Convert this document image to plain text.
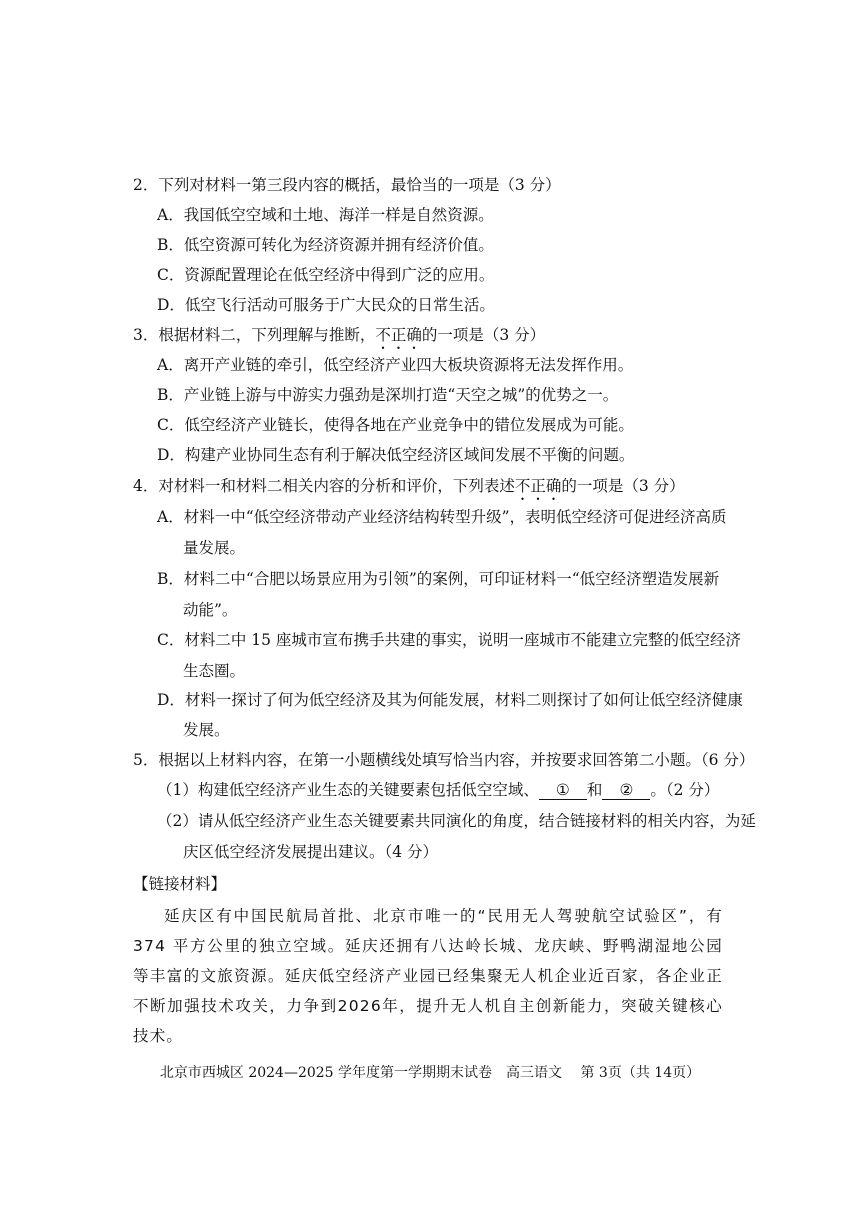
2．下列对材料一第三段内容的概括，最恰当的一项是（3 分）
A．我国低空空域和土地、海洋一样是自然资源。
B．低空资源可转化为经济资源并拥有经济价值。
C．资源配置理论在低空经济中得到广泛的应用。
D．低空飞行活动可服务于广大民众的日常生活。
3．根据材料二，下列理解与推断，不正确的一项是（3 分）
A．离开产业链的牵引，低空经济产业四大板块资源将无法发挥作用。
B．产业链上游与中游实力强劲是深圳打造“天空之城”的优势之一。
C．低空经济产业链长，使得各地在产业竞争中的错位发展成为可能。
D．构建产业协同生态有利于解决低空经济区域间发展不平衡的问题。
4．对材料一和材料二相关内容的分析和评价，下列表述不正确的一项是（3 分）
A．材料一中“低空经济带动产业经济结构转型升级”，表明低空经济可促进经济高质
量发展。
B．材料二中“合肥以场景应用为引领”的案例，可印证材料一“低空经济塑造发展新
动能”。
C．材料二中 15 座城市宣布携手共建的事实，说明一座城市不能建立完整的低空经济
生态圈。
D．材料一探讨了何为低空经济及其为何能发展，材料二则探讨了如何让低空经济健康
发展。
5．根据以上材料内容，在第一小题横线处填写恰当内容，并按要求回答第二小题。（6 分）
（1）构建低空经济产业生态的关键要素包括低空空域、 ① 和 ② 。（2 分）
（2）请从低空经济产业生态关键要素共同演化的角度，结合链接材料的相关内容，为延
庆区低空经济发展提出建议。（4 分）
【链接材料】
延庆区有中国民航局首批、北京市唯一的“民用无人驾驶航空试验区”，有 374 平方公里的独立空域。延庆还拥有八达岭长城、龙庆峡、野鸭湖湿地公园等丰富的文旅资源。延庆低空经济产业园已经集聚无人机企业近百家，各企业正不断加强技术攻关，力争到2026年，提升无人机自主创新能力，突破关键核心技术。
北京市西城区 2024—2025 学年度第一学期期末试卷　高三语文　 第 3页（共 14页）
